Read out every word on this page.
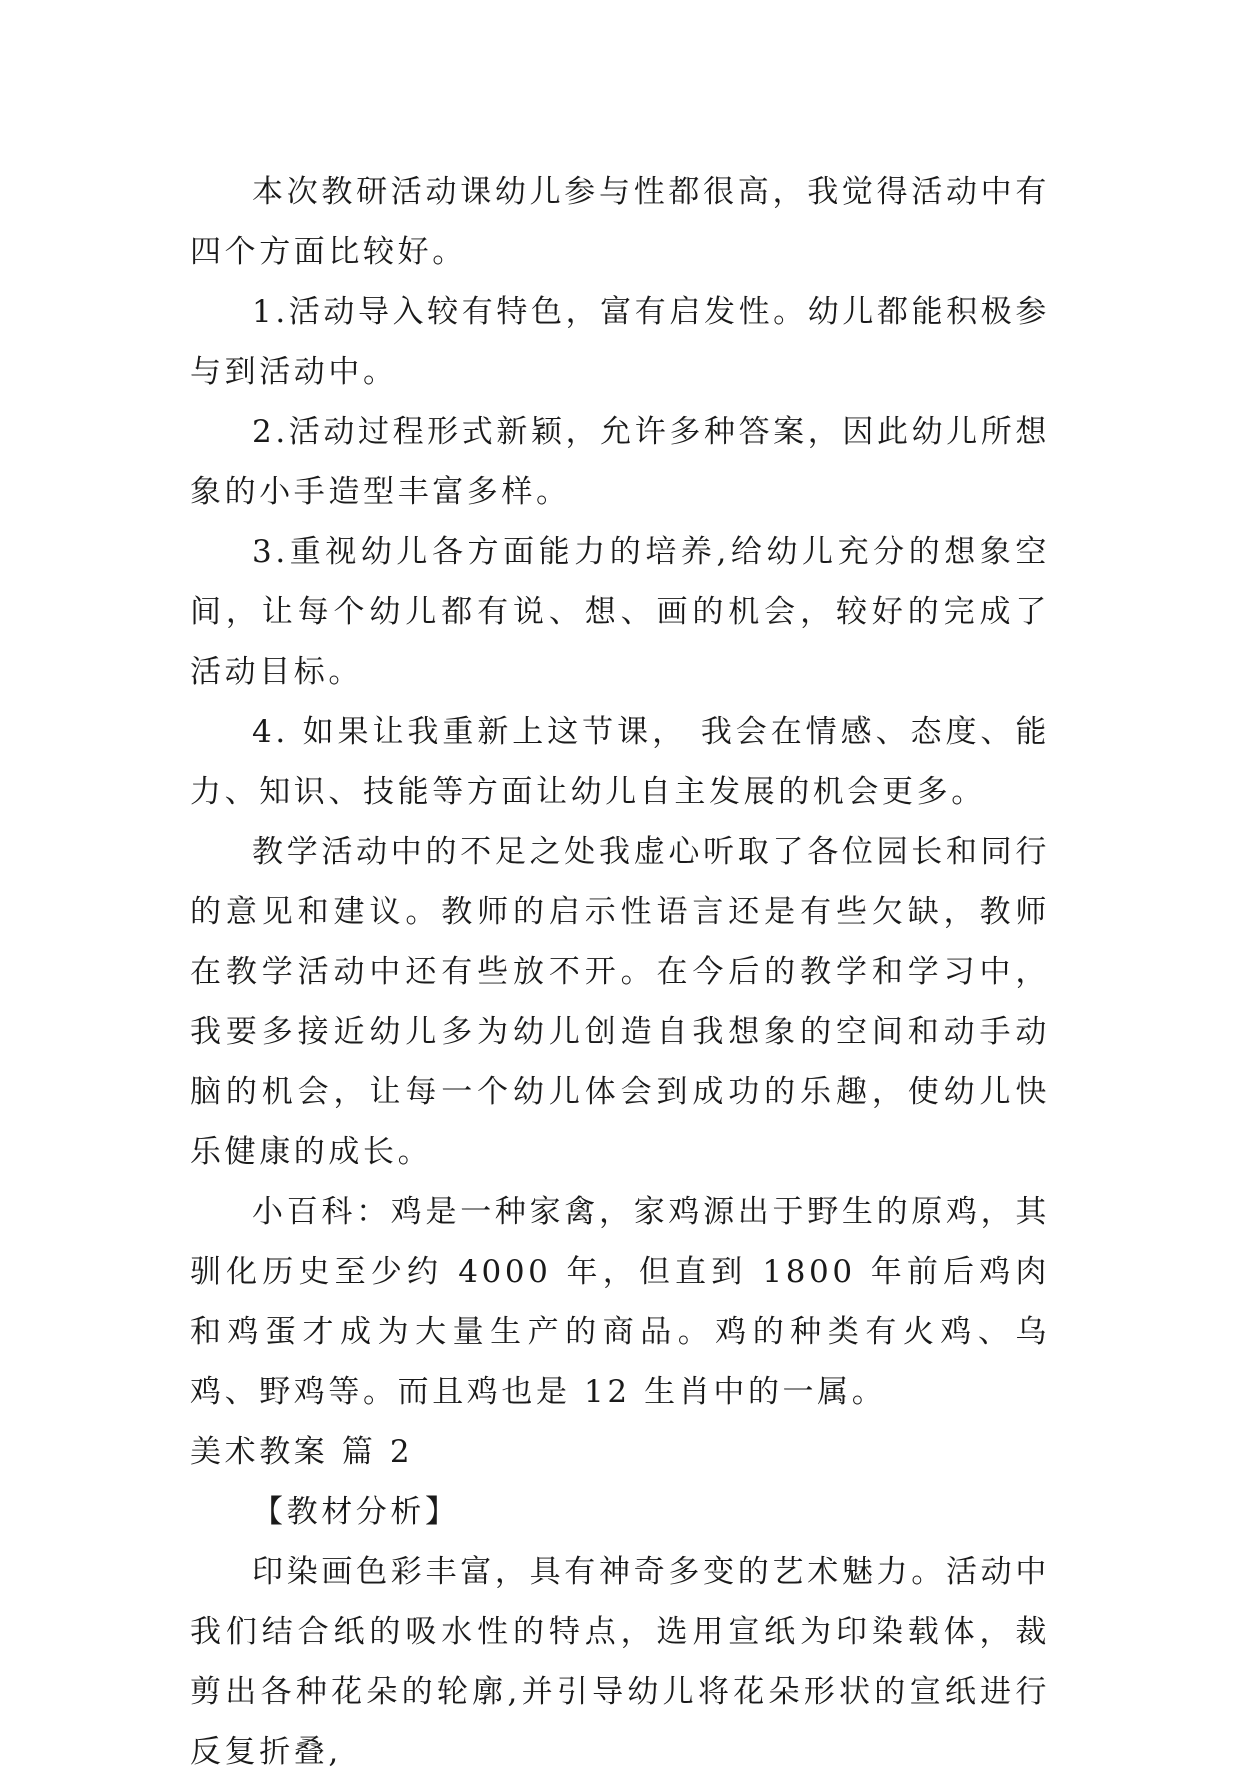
本次教研活动课幼儿参与性都很高，我觉得活动中有四个方面比较好。

1.活动导入较有特色，富有启发性。幼儿都能积极参与到活动中。

2.活动过程形式新颖，允许多种答案，因此幼儿所想象的小手造型丰富多样。

3.重视幼儿各方面能力的培养,给幼儿充分的想象空间，让每个幼儿都有说、想、画的机会，较好的完成了活动目标。

4. 如果让我重新上这节课， 我会在情感、态度、能力、知识、技能等方面让幼儿自主发展的机会更多。

教学活动中的不足之处我虚心听取了各位园长和同行的意见和建议。教师的启示性语言还是有些欠缺，教师在教学活动中还有些放不开。在今后的教学和学习中，我要多接近幼儿多为幼儿创造自我想象的空间和动手动脑的机会，让每一个幼儿体会到成功的乐趣，使幼儿快乐健康的成长。

小百科：鸡是一种家禽，家鸡源出于野生的原鸡，其驯化历史至少约 4000 年，但直到 1800 年前后鸡肉和鸡蛋才成为大量生产的商品。鸡的种类有火鸡、乌鸡、野鸡等。而且鸡也是 12 生肖中的一属。

美术教案 篇 2

【教材分析】

印染画色彩丰富，具有神奇多变的艺术魅力。活动中我们结合纸的吸水性的特点，选用宣纸为印染载体，裁剪出各种花朵的轮廓,并引导幼儿将花朵形状的宣纸进行反复折叠,
